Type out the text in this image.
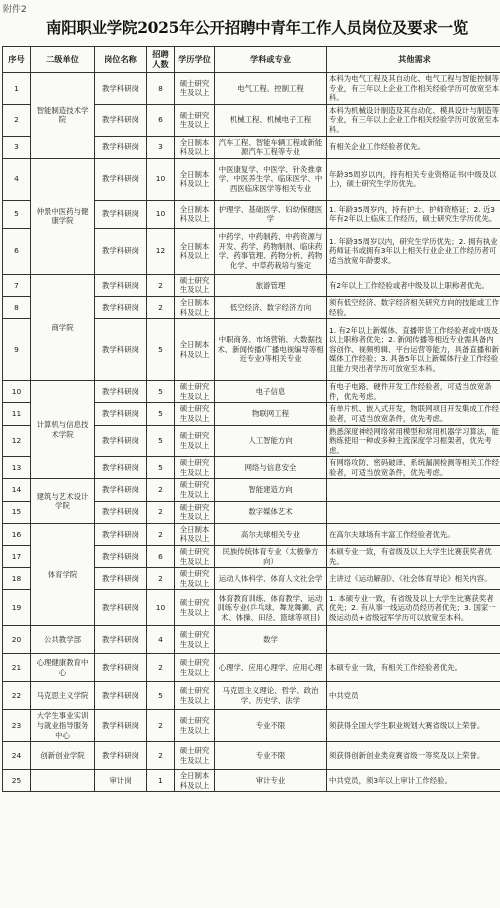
附件2
南阳职业学院2025年公开招聘中青年工作人员岗位及要求一览
序号	二级单位	岗位名称	招聘人数	学历学位	学科或专业	其他需求
1	智能制造技术学院	教学科研岗	8	硕士研究生及以上	电气工程、控制工程	本科为电气工程及其自动化、电气工程与智能控制等专业，有三年以上企业工作相关经验学历可放宽至本科。
2		教学科研岗	6	硕士研究生及以上	机械工程、机械电子工程	本科为机械设计制造及其自动化、模具设计与制造等专业，有三年以上企业工作相关经验学历可放宽至本科。
3		教学科研岗	3	全日制本科及以上	汽车工程、智能车辆工程或新能源汽车工程等专业	有相关企业工作经验者优先。
4	仲景中医药与健康学院	教学科研岗	10	全日制本科及以上	中医康复学、中医学、针灸推拿学、中医养生学、临床医学、中西医临床医学等相关专业	年龄35周岁以内，持有相关专业资格证书(中级及以上)，硕士研究生学历优先。
5		教学科研岗	10	全日制本科及以上	护理学、基础医学、妇幼保健医学	1. 年龄35周岁内，持有护士、护师资格证；2. 近3年有2年以上临床工作经历，硕士研究生学历优先。
6		教学科研岗	12	全日制本科及以上	中药学、中药制药、中药资源与开发、药学、药物制剂、临床药学、药事管理、药物分析、药物化学、中草药栽培与鉴定	1. 年龄35周岁以内，研究生学历优先；2. 拥有执业药师证书或拥有3年以上相关行业企业工作经历者可适当放宽年龄要求。
7	商学院	教学科研岗	2	硕士研究生及以上	旅游管理	有2年以上工作经验或者中级及以上职称者优先。
8		教学科研岗	2	全日制本科及以上	低空经济、数字经济方向	须有低空经济、数字经济相关研究方向的技能或工作经验。
9		教学科研岗	5	全日制本科及以上	中职商务、市场营销、大数据技术、新闻传播(广播电视编导等相近专业)等相关专业	1. 有2年以上新媒体、直播带货工作经验者或中级及以上职称者优先；2. 新闻传播等相近专业需具备内容创作、视频剪辑、平台运营等能力，具备直播和新媒体工作经验；3. 具备5年以上新媒体行业工作经验且能力突出者学历可放宽至本科。
10	计算机与信息技术学院	教学科研岗	5	硕士研究生及以上	电子信息	有电子电路、硬件开发工作经验者，可适当放宽条件，优先考虑。
11		教学科研岗	5	硕士研究生及以上	物联网工程	有单片机、嵌入式开发，物联网项目开发集成工作经验者，可适当放宽条件，优先考虑。
12		教学科研岗	5	硕士研究生及以上	人工智能方向	熟悉深度神经网络常用模型和常用机器学习算法，能熟练使用一种或多种主流深度学习框架者，优先考虑。
13		教学科研岗	5	硕士研究生及以上	网络与信息安全	有网络攻防、密码破译、系统漏洞检测等相关工作经验者，可适当放宽条件，优先考虑。
14	建筑与艺术设计学院	教学科研岗	2	硕士研究生及以上	智能建造方向	
15		教学科研岗	2	硕士研究生及以上	数字媒体艺术	
16	体育学院	教学科研岗	2	全日制本科及以上	高尔夫球相关专业	在高尔夫球场有丰富工作经验者优先。
17		教学科研岗	6	硕士研究生及以上	民族传统体育专业（太极拳方向）	本硕专业一致，有省级及以上大学生比赛获奖者优先。
18		教学科研岗	2	硕士研究生及以上	运动人体科学、体育人文社会学	主讲过《运动解剖》、《社会体育导论》相关内容。
19		教学科研岗	10	硕士研究生及以上	体育教育训练、体育教学、运动训练专业(乒乓球、舞龙舞狮、武术、体操、田径、篮球等项目)	1. 本硕专业一致，有省级及以上大学生比赛获奖者优先；2. 有从事一线运动员经历者优先；3. 国家一级运动员+省级冠军学历可以放宽至本科。
20	公共教学部	教学科研岗	4	硕士研究生及以上	数学	
21	心理健康教育中心	教学科研岗	2	硕士研究生及以上	心理学、应用心理学、应用心理	本硕专业一致，有相关工作经验者优先。
22	马克思主义学院	教学科研岗	5	硕士研究生及以上	马克思主义理论、哲学、政治学、历史学、法学	中共党员
23	大学生事业实训与就业指导服务中心	教学科研岗	2	硕士研究生及以上	专业不限	须获得全国大学生职业规划大赛省级以上荣誉。
24	创新创业学院	教学科研岗	2	硕士研究生及以上	专业不限	须获得创新创业类竞赛省级一等奖及以上荣誉。
25		审计岗	1	全日制本科及以上	审计专业	中共党员，须3年以上审计工作经验。
